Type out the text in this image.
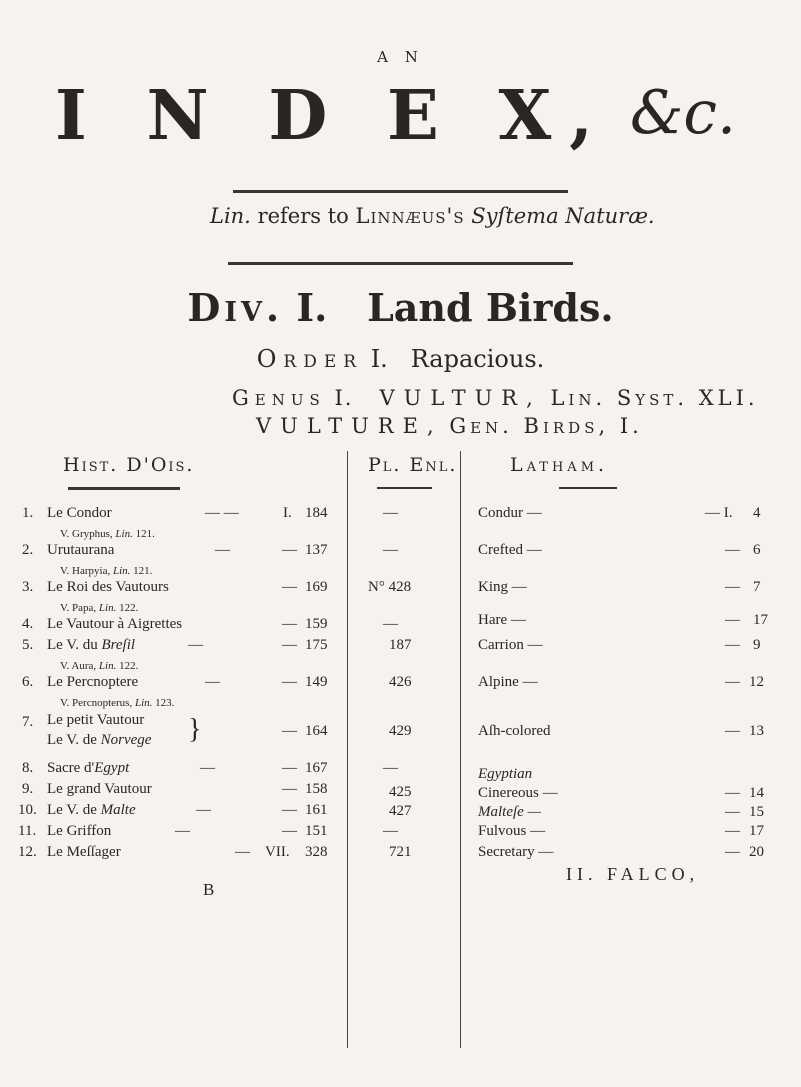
A N
I N D E X, &c.
Lin. refers to Linnæus's Syſtema Naturæ.
Div. I. Land Birds.
Order I. Rapacious.
Genus I. VULTUR, Lin. Syst. XLI.
VULTURE, Gen. Birds, I.
Hist. D'Ois.	Pl. Enl.	Latham.
1. Le Condor	— —	I. 184	—	Condur —	— I. 4
V. Gryphus, Lin. 121.
2. Urutaurana	—	— 137	—	Crefted —	— 6
V. Harpyia, Lin. 121.
3. Le Roi des Vautours	— 169	N° 428	King —	— 7
V. Papa, Lin. 122.
4. Le Vautour à Aigrettes	— 159	—	Hare —	— 17
5. Le V. du Breſil	—	— 175	187	Carrion —	— 9
V. Aura, Lin. 122.
6. Le Percnoptere	—	— 149	426	Alpine —	— 12
V. Percnopterus, Lin. 123.
7. Le petit Vautour
Le V. de Norvege }	— 164	429	Aſh-colored	— 13
8. Sacre d'Egypt	—	— 167	—	Egyptian
9. Le grand Vautour	— 158	425	Cinereous —	— 14
10. Le V. de Malte	—	— 161	427	Malteſe —	— 15
11. Le Griffon	—	— 151	—	Fulvous —	— 17
12. Le Meſſager	— VII. 328	721	Secretary —	— 20
B
II. FALCO,
